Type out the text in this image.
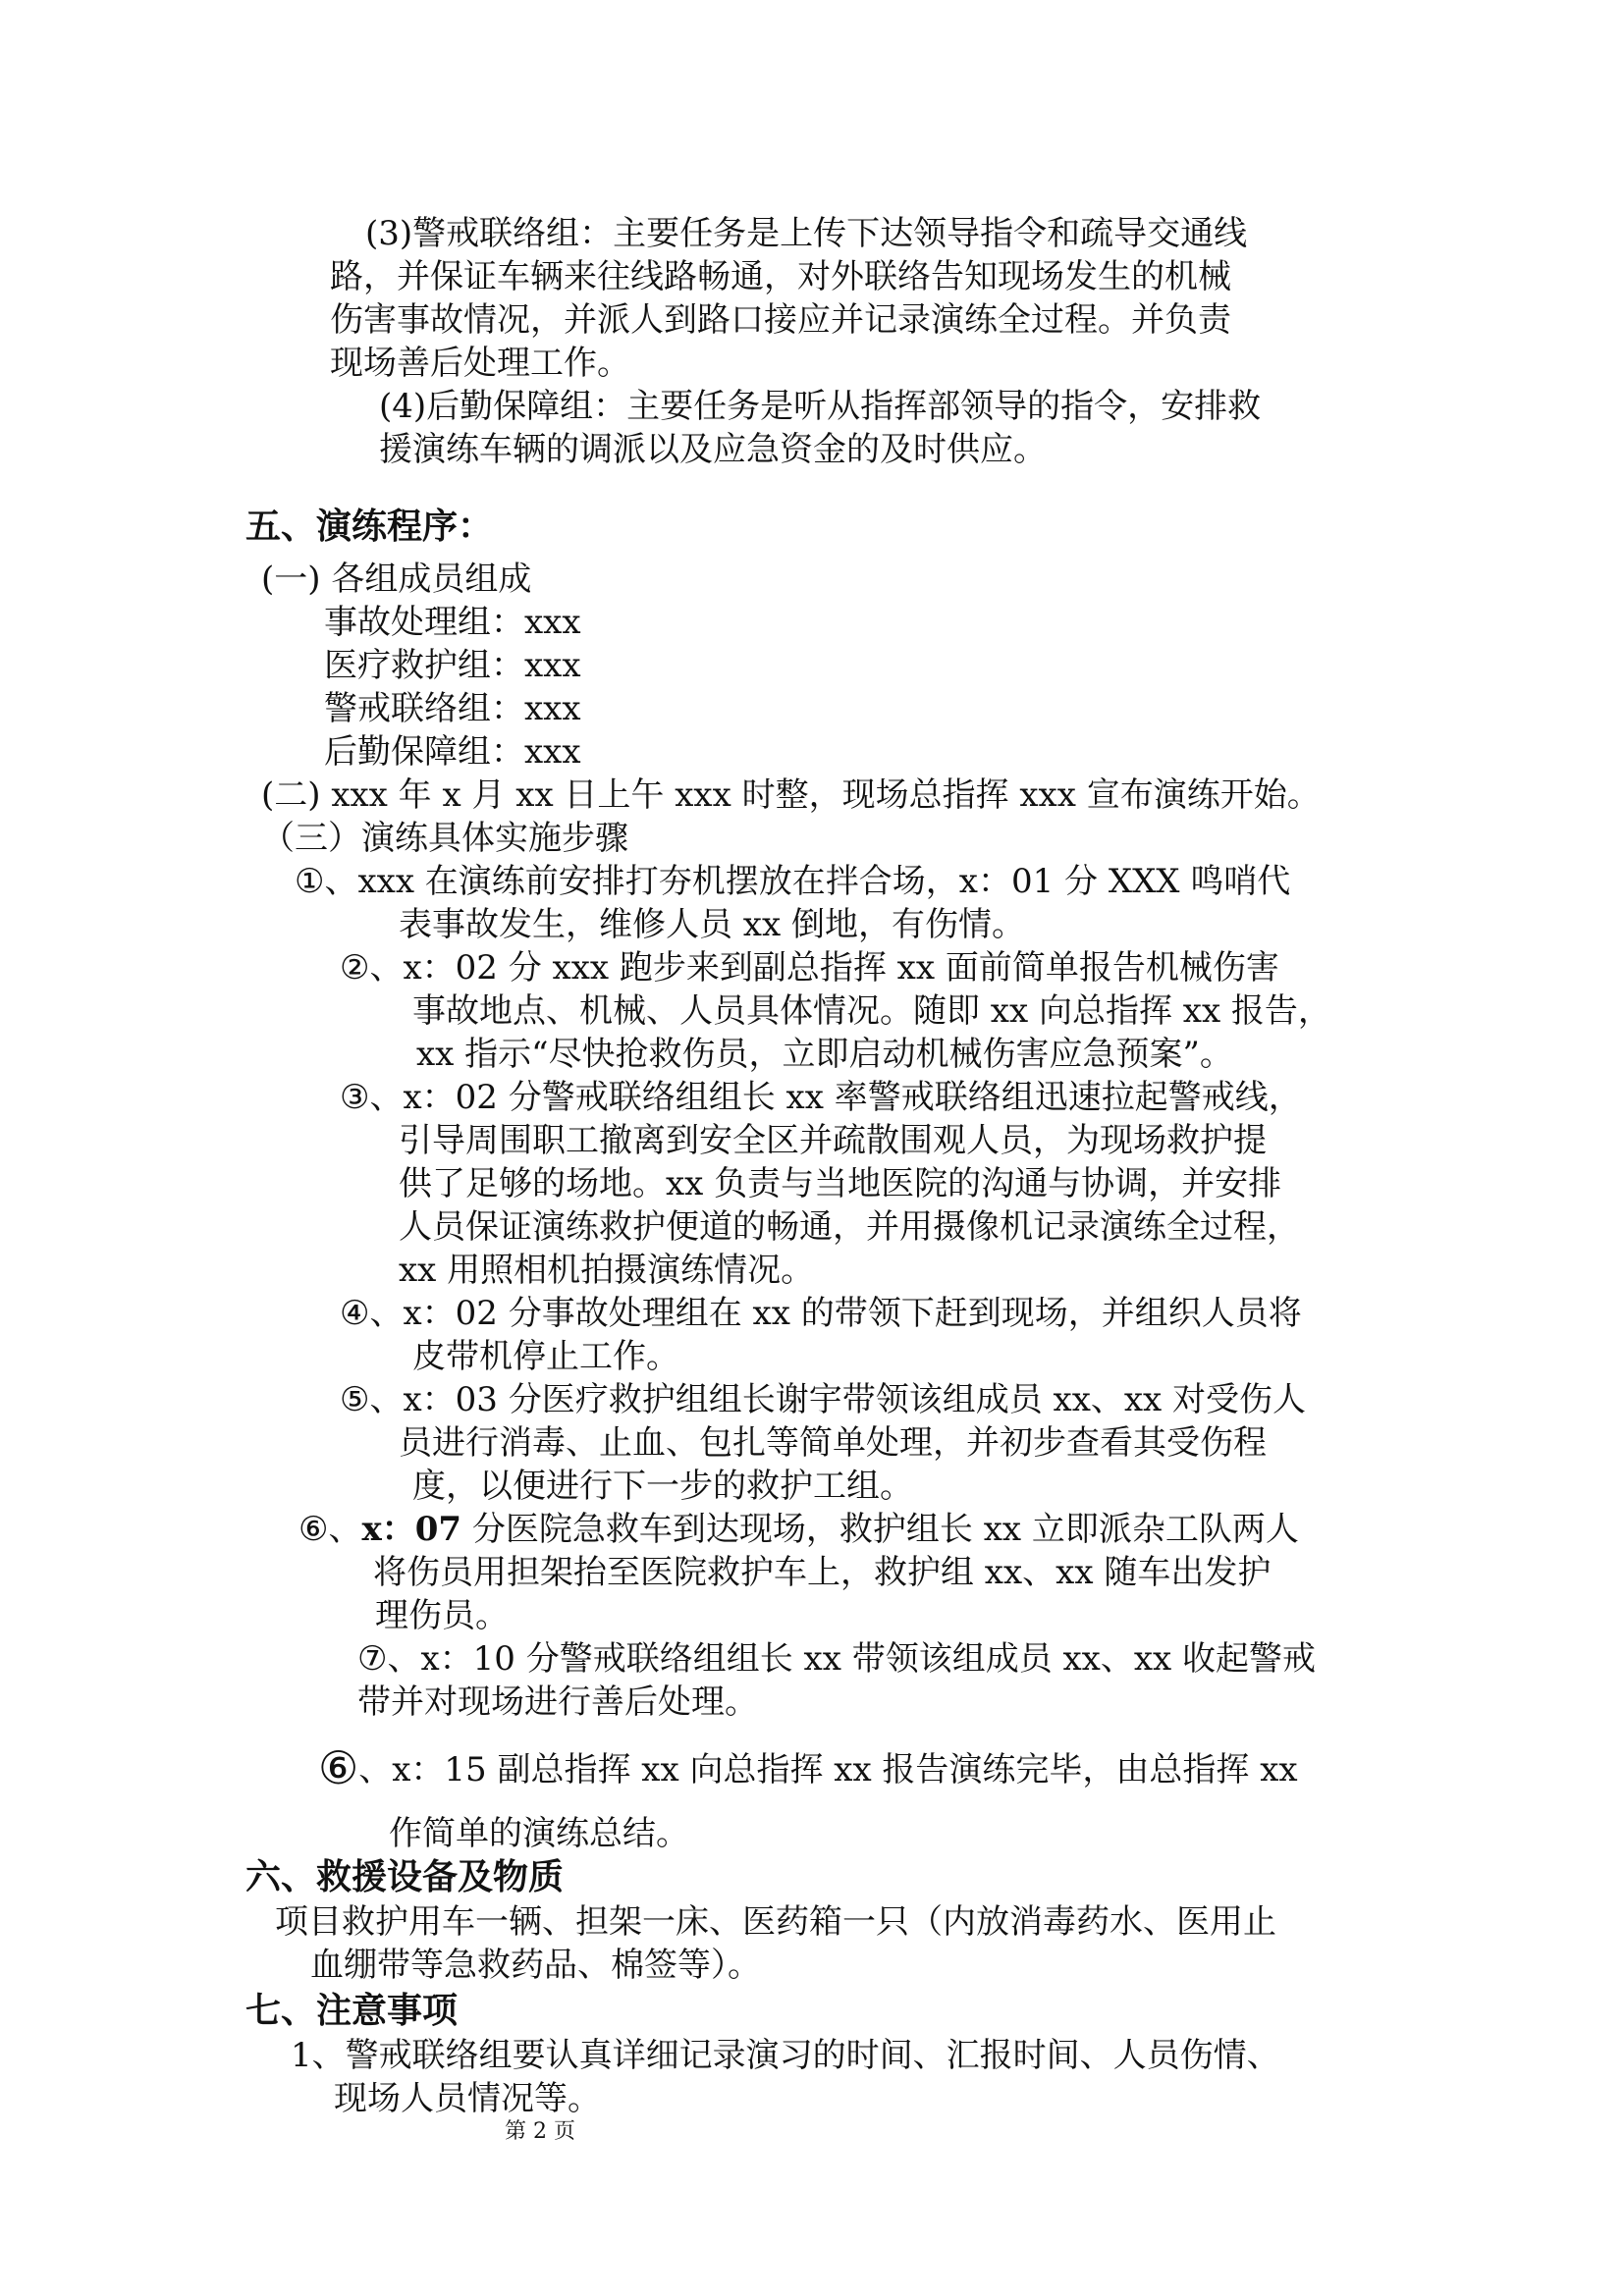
(3)警戒联络组：主要任务是上传下达领导指令和疏导交通线

路，并保证车辆来往线路畅通，对外联络告知现场发生的机械

伤害事故情况，并派人到路口接应并记录演练全过程。并负责

现场善后处理工作。

(4)后勤保障组：主要任务是听从指挥部领导的指令，安排救

援演练车辆的调派以及应急资金的及时供应。

五、演练程序：

(一) 各组成员组成

事故处理组：xxx

医疗救护组：xxx

警戒联络组：xxx

后勤保障组：xxx

(二) xxx 年 x 月 xx 日上午 xxx 时整，现场总指挥 xxx 宣布演练开始。

（三）演练具体实施步骤

①、xxx 在演练前安排打夯机摆放在拌合场，x：01 分 XXX 鸣哨代

表事故发生，维修人员 xx 倒地，有伤情。

②、x：02 分 xxx 跑步来到副总指挥 xx 面前简单报告机械伤害

事故地点、机械、人员具体情况。随即 xx 向总指挥 xx 报告，

xx 指示“尽快抢救伤员，立即启动机械伤害应急预案”。

③、x：02 分警戒联络组组长 xx 率警戒联络组迅速拉起警戒线，

引导周围职工撤离到安全区并疏散围观人员，为现场救护提

供了足够的场地。xx 负责与当地医院的沟通与协调，并安排

人员保证演练救护便道的畅通，并用摄像机记录演练全过程，

xx 用照相机拍摄演练情况。

④、x：02 分事故处理组在 xx 的带领下赶到现场，并组织人员将

皮带机停止工作。

⑤、x：03 分医疗救护组组长谢宇带领该组成员 xx、xx 对受伤人

员进行消毒、止血、包扎等简单处理，并初步查看其受伤程

度，以便进行下一步的救护工组。

⑥、x：07 分医院急救车到达现场，救护组长 xx 立即派杂工队两人

将伤员用担架抬至医院救护车上，救护组 xx、xx 随车出发护

理伤员。

⑦、x：10 分警戒联络组组长 xx 带领该组成员 xx、xx 收起警戒

带并对现场进行善后处理。

⑥、x：15 副总指挥 xx 向总指挥 xx 报告演练完毕，由总指挥 xx

作简单的演练总结。

六、救援设备及物质

项目救护用车一辆、担架一床、医药箱一只（内放消毒药水、医用止

血绷带等急救药品、棉签等）。

七、注意事项

1、警戒联络组要认真详细记录演习的时间、汇报时间、人员伤情、

现场人员情况等。

第 2 页
